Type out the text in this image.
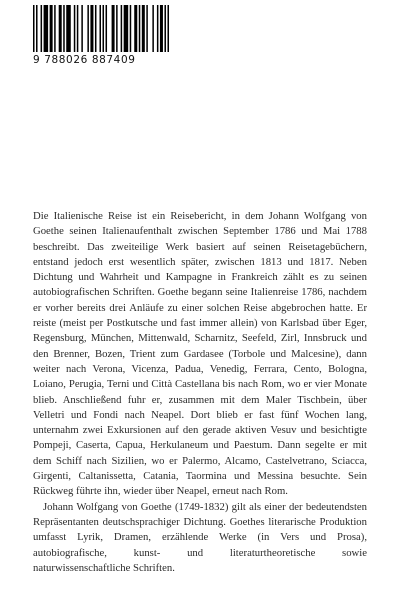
9 788026 887409

Die Italienische Reise ist ein Reisebericht, in dem Johann Wolfgang von Goethe seinen Italienaufenthalt zwischen September 1786 und Mai 1788 beschreibt. Das zweiteilige Werk basiert auf seinen Reisetagebüchern, entstand jedoch erst wesentlich später, zwischen 1813 und 1817. Neben Dichtung und Wahrheit und Kampagne in Frankreich zählt es zu seinen autobiografischen Schriften. Goethe begann seine Italienreise 1786, nachdem er vorher bereits drei Anläufe zu einer solchen Reise abgebrochen hatte. Er reiste (meist per Postkutsche und fast immer allein) von Karlsbad über Eger, Regensburg, München, Mittenwald, Scharnitz, Seefeld, Zirl, Innsbruck und den Brenner, Bozen, Trient zum Gardasee (Torbole und Malcesine), dann weiter nach Verona, Vicenza, Padua, Venedig, Ferrara, Cento, Bologna, Loiano, Perugia, Terni und Città Castellana bis nach Rom, wo er vier Monate blieb. Anschließend fuhr er, zusammen mit dem Maler Tischbein, über Velletri und Fondi nach Neapel. Dort blieb er fast fünf Wochen lang, unternahm zwei Exkursionen auf den gerade aktiven Vesuv und besichtigte Pompeji, Caserta, Capua, Herkulaneum und Paestum. Dann segelte er mit dem Schiff nach Sizilien, wo er Palermo, Alcamo, Castelvetrano, Sciacca, Girgenti, Caltanissetta, Catania, Taormina und Messina besuchte. Sein Rückweg führte ihn, wieder über Neapel, erneut nach Rom.

Johann Wolfgang von Goethe (1749-1832) gilt als einer der bedeutendsten Repräsentanten deutschsprachiger Dichtung. Goethes literarische Produktion umfasst Lyrik, Dramen, erzählende Werke (in Vers und Prosa), autobiografische, kunst- und literaturtheoretische sowie naturwissenschaftliche Schriften.
